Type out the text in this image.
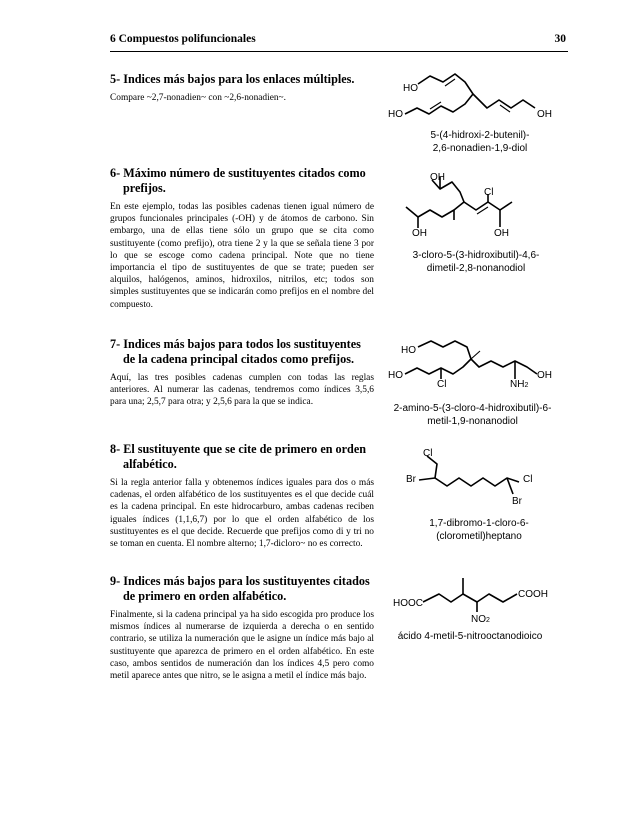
6 Compuestos polifuncionales	30
5- Indices más bajos para los enlaces múltiples.

Compare ~2,7-nonadien~ con ~2,6-nonadien~.

HO
HO	OH
5-(4-hidroxi-2-butenil)-
2,6-nonadien-1,9-diol
6- Máximo número de sustituyentes citados como prefijos.

En este ejemplo, todas las posibles cadenas tienen igual número de grupos funcionales principales (-OH) y de átomos de carbono. Sin embargo, una de ellas tiene sólo un grupo que se cita como sustituyente (como prefijo), otra tiene 2 y la que se señala tiene 3 por lo que se escoge como cadena principal. Note que no tiene importancia el tipo de sustituyentes de que se trate; pueden ser alquilos, halógenos, aminos, hidroxilos, nitrilos, etc; todos son simples sustituyentes que se indicarán como prefijos en el nombre del compuesto.

OH
Cl
OH	OH
3-cloro-5-(3-hidroxibutil)-4,6-
dimetil-2,8-nonanodiol
7- Indices más bajos para todos los sustituyentes de la cadena principal citados como prefijos.

Aquí, las tres posibles cadenas cumplen con todas las reglas anteriores. Al numerar las cadenas, tendremos como índices 3,5,6 para una; 2,5,7 para otra; y 2,5,6 para la que se indica.

HO
HO
Cl	NH2
OH
2-amino-5-(3-cloro-4-hidroxibutil)-6-
metil-1,9-nonanodiol
8- El sustituyente que se cite de primero en orden alfabético.

Si la regla anterior falla y obtenemos índices iguales para dos o más cadenas, el orden alfabético de los sustituyentes es el que decide cuál es la cadena principal. En este hidrocarburo, ambas cadenas reciben iguales índices (1,1,6,7) por lo que el orden alfabético de los sustituyentes es el que decide. Recuerde que prefijos como di y tri no se toman en cuenta. El nombre alterno; 1,7-dicloro~ no es correcto.

Cl
Br	Cl
Br
1,7-dibromo-1-cloro-6-
(clorometil)heptano
9- Indices más bajos para los sustituyentes citados de primero en orden alfabético.

Finalmente, si la cadena principal ya ha sido escogida pro produce los mismos índices al numerarse de izquierda a derecha o en sentido contrario, se utiliza la numeración que le asigne un índice más bajo al sustituyente que aparezca de primero en el orden alfabético. En este caso, ambos sentidos de numeración dan los índices 4,5 pero como metil aparece antes que nitro, se le asigna a metil el índice más bajo.

HOOC
COOH
NO2
ácido 4-metil-5-nitrooctanodioico
